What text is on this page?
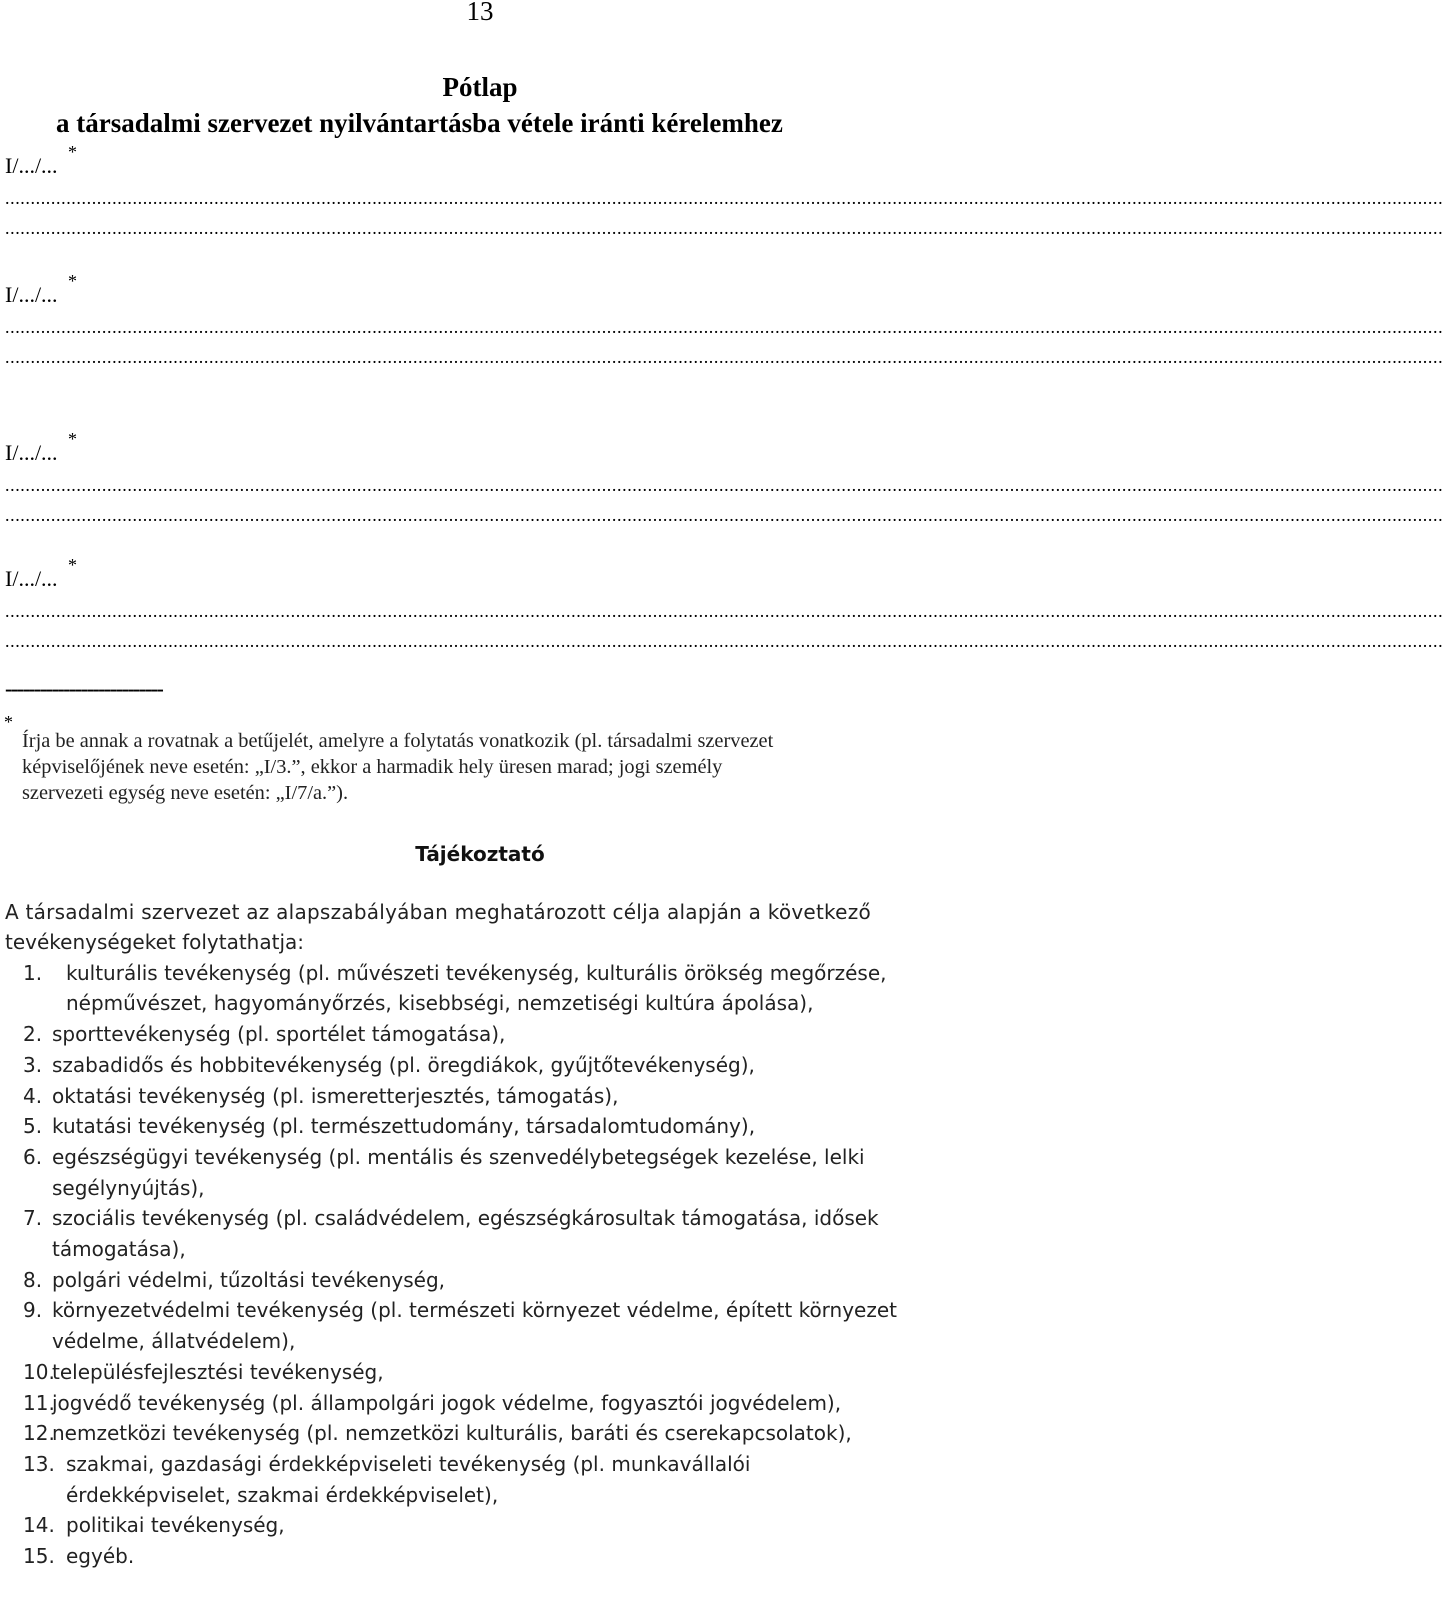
13
Pótlap
a társadalmi szervezet nyilvántartásba vétele iránti kérelemhez
I/.../...
*
..........................................................................................................................................................................................................................................................................................
..........................................................................................................................................................................................................................................................................................
I/.../...
*
..........................................................................................................................................................................................................................................................................................
..........................................................................................................................................................................................................................................................................................
I/.../...
*
..........................................................................................................................................................................................................................................................................................
..........................................................................................................................................................................................................................................................................................
I/.../...
*
..........................................................................................................................................................................................................................................................................................
..........................................................................................................................................................................................................................................................................................
---------------------------
*
Írja be annak a rovatnak a betűjelét, amelyre a folytatás vonatkozik (pl. társadalmi szervezet
képviselőjének neve esetén: „I/3.”, ekkor a harmadik hely üresen marad; jogi személy
szervezeti egység neve esetén: „I/7/a.”).
Tájékoztató
A társadalmi szervezet az alapszabályában meghatározott célja alapján a következő
tevékenységeket folytathatja:
1. kulturális tevékenység (pl. művészeti tevékenység, kulturális örökség megőrzése,
népművészet, hagyományőrzés, kisebbségi, nemzetiségi kultúra ápolása),
2. sporttevékenység (pl. sportélet támogatása),
3. szabadidős és hobbitevékenység (pl. öregdiákok, gyűjtőtevékenység),
4. oktatási tevékenység (pl. ismeretterjesztés, támogatás),
5. kutatási tevékenység (pl. természettudomány, társadalomtudomány),
6. egészségügyi tevékenység (pl. mentális és szenvedélybetegségek kezelése, lelki
segélynyújtás),
7. szociális tevékenység (pl. családvédelem, egészségkárosultak támogatása, idősek
támogatása),
8. polgári védelmi, tűzoltási tevékenység,
9. környezetvédelmi tevékenység (pl. természeti környezet védelme, épített környezet
védelme, állatvédelem),
10.
településfejlesztési tevékenység,
11.
jogvédő tevékenység (pl. állampolgári jogok védelme, fogyasztói jogvédelem),
12.
nemzetközi tevékenység (pl. nemzetközi kulturális, baráti és cserekapcsolatok),
13. szakmai, gazdasági érdekképviseleti tevékenység (pl. munkavállalói
érdekképviselet, szakmai érdekképviselet),
14. politikai tevékenység,
15. egyéb.
